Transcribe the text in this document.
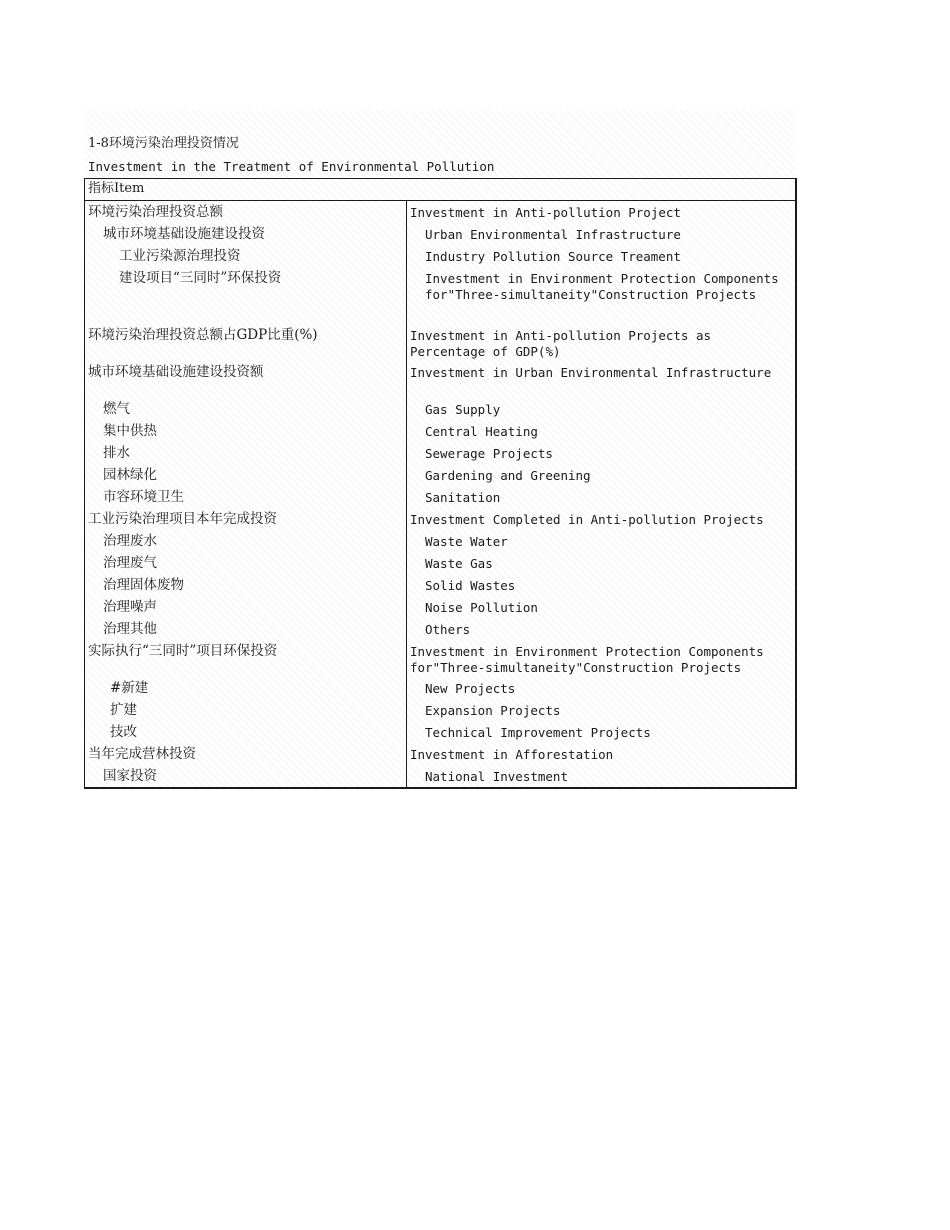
1-8环境污染治理投资情况
Investment in the Treatment of Environmental Pollution
指标Item
环境污染治理投资总额	Investment in Anti-pollution Project
城市环境基础设施建设投资	Urban Environmental Infrastructure
工业污染源治理投资	Industry Pollution Source Treament
建设项目“三同时”环保投资	Investment in Environment Protection Components
for"Three-simultaneity"Construction Projects
环境污染治理投资总额占GDP比重(%)	Investment in Anti-pollution Projects as
Percentage of GDP(%)
城市环境基础设施建设投资额	Investment in Urban Environmental Infrastructure
燃气	Gas Supply
集中供热	Central Heating
排水	Sewerage Projects
园林绿化	Gardening and Greening
市容环境卫生	Sanitation
工业污染治理项目本年完成投资	Investment Completed in Anti-pollution Projects
治理废水	Waste Water
治理废气	Waste Gas
治理固体废物	Solid Wastes
治理噪声	Noise Pollution
治理其他	Others
实际执行“三同时”项目环保投资	Investment in Environment Protection Components
for"Three-simultaneity"Construction Projects
#新建	New Projects
扩建	Expansion Projects
技改	Technical Improvement Projects
当年完成营林投资	Investment in Afforestation
国家投资	National Investment
